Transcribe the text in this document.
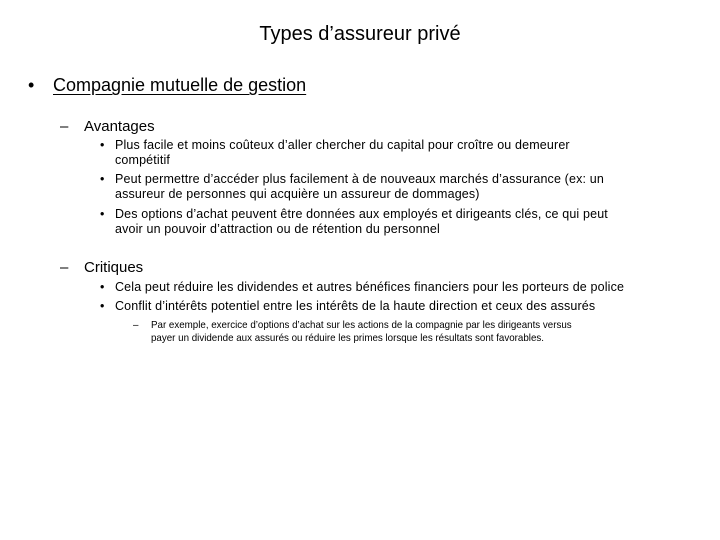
Types d’assureur privé
• Compagnie mutuelle de gestion
– Avantages
• Plus facile et moins coûteux d’aller chercher du capital pour croître ou demeurer
compétitif
• Peut permettre d’accéder plus facilement à de nouveaux marchés d’assurance (ex: un
assureur de personnes qui acquière un assureur de dommages)
• Des options d’achat peuvent être données aux employés et dirigeants clés, ce qui peut
avoir un pouvoir d’attraction ou de rétention du personnel
– Critiques
• Cela peut réduire les dividendes et autres bénéfices financiers pour les porteurs de police
• Conflit d’intérêts potentiel entre les intérêts de la haute direction et ceux des assurés
– Par exemple, exercice d’options d’achat sur les actions de la compagnie par les dirigeants versus
payer un dividende aux assurés ou réduire les primes lorsque les résultats sont favorables.
